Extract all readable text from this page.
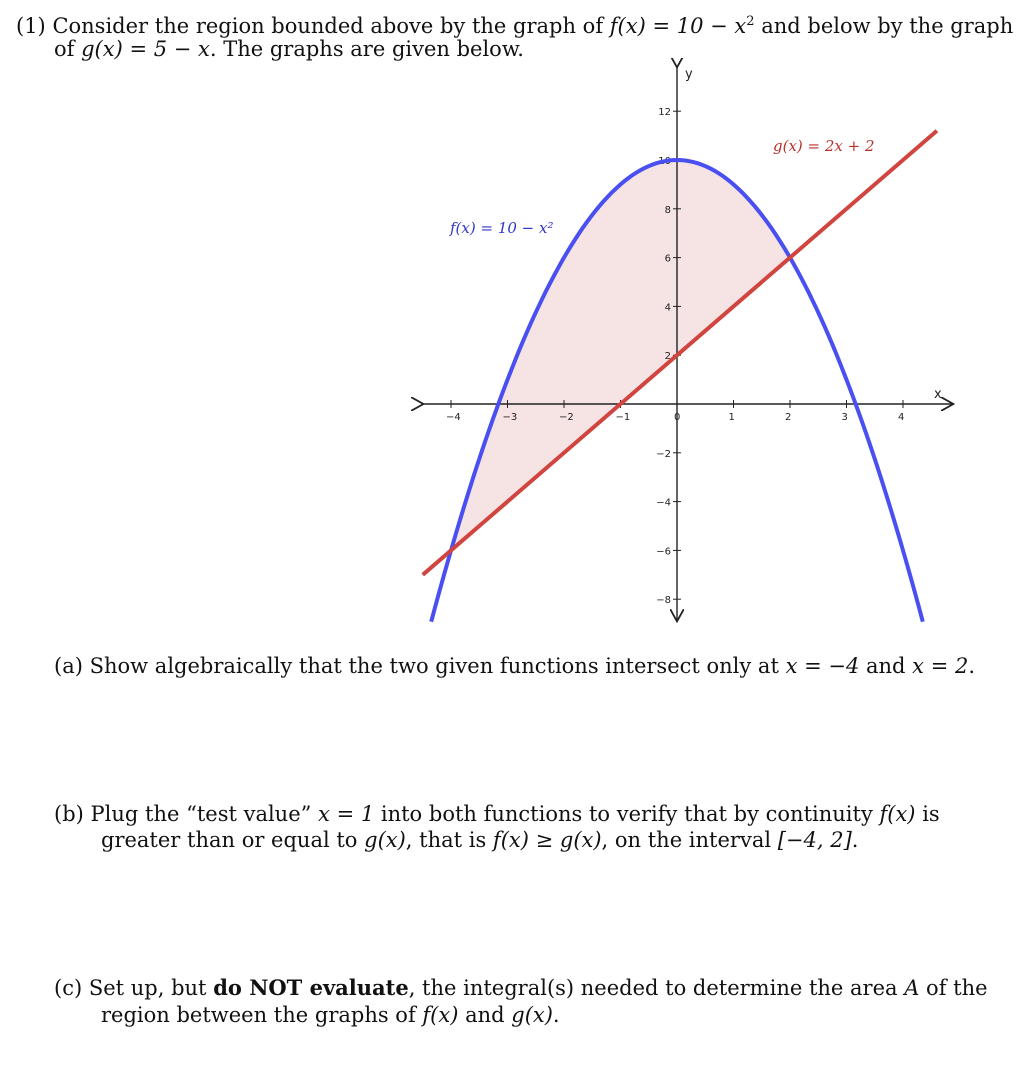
(1) Consider the region bounded above by the graph of $f(x) = 10 - x^2$ and below by the graph
of g(x) = 5 − x. The graphs are given below.
−4	−3	−2	−1	0	1	2	3	4
12
10
8
6
4
2
−2
−4
−6
−8
x
y
f(x) = 10 − x²
g(x) = 2x + 2
(a) Show algebraically that the two given functions intersect only at x = −4 and x = 2.
(b) Plug the “test value” x = 1 into both functions to verify that by continuity f(x) is
greater than or equal to g(x), that is f(x) ≥ g(x), on the interval [−4, 2].
(c) Set up, but do NOT evaluate, the integral(s) needed to determine the area A of the
region between the graphs of f(x) and g(x).
